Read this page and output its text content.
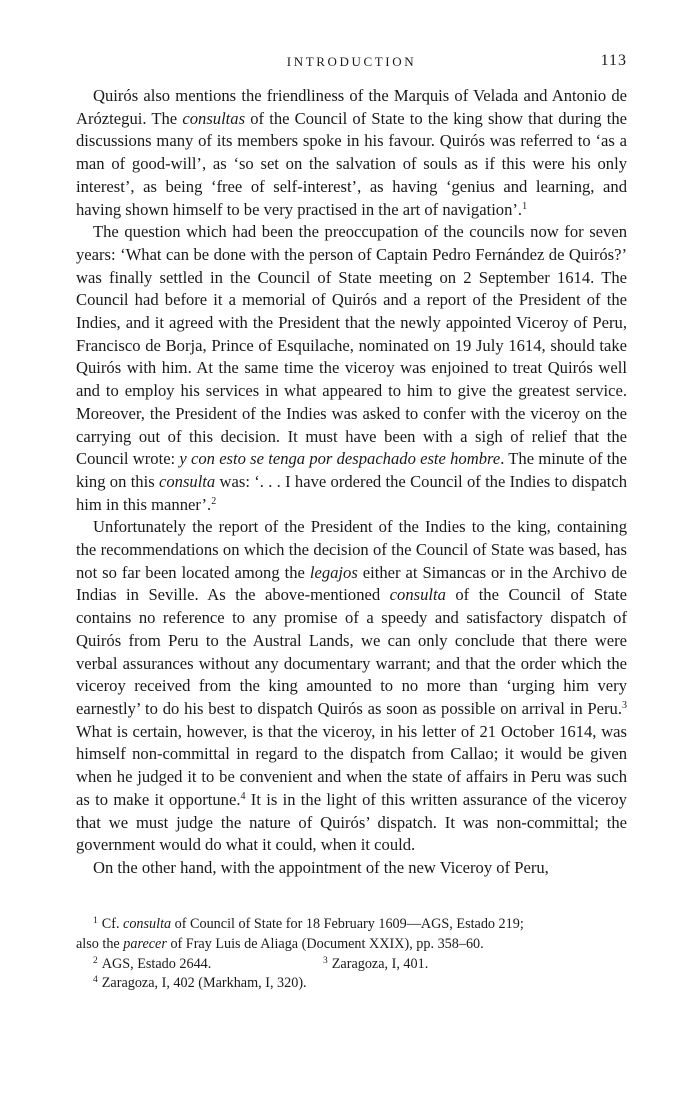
INTRODUCTION	113

Quirós also mentions the friendliness of the Marquis of Velada and Antonio de Aróztegui. The consultas of the Council of State to the king show that during the discussions many of its members spoke in his favour. Quirós was referred to ‘as a man of good-will’, as ‘so set on the salvation of souls as if this were his only interest’, as being ‘free of self-interest’, as having ‘genius and learning, and having shown himself to be very practised in the art of navigation’.$^1$

The question which had been the preoccupation of the councils now for seven years: ‘What can be done with the person of Captain Pedro Fernández de Quirós?’ was finally settled in the Council of State meeting on 2 September 1614. The Council had before it a memorial of Quirós and a report of the President of the Indies, and it agreed with the President that the newly appointed Viceroy of Peru, Francisco de Borja, Prince of Esquilache, nominated on 19 July 1614, should take Quirós with him. At the same time the viceroy was enjoined to treat Quirós well and to employ his services in what appeared to him to give the greatest service. Moreover, the President of the Indies was asked to confer with the viceroy on the carrying out of this decision. It must have been with a sigh of relief that the Council wrote: y con esto se tenga por despachado este hombre. The minute of the king on this consulta was: ‘. . . I have ordered the Council of the Indies to dispatch him in this manner’.$^2$

Unfortunately the report of the President of the Indies to the king, containing the recommendations on which the decision of the Council of State was based, has not so far been located among the legajos either at Simancas or in the Archivo de Indias in Seville. As the above-mentioned consulta of the Council of State contains no reference to any promise of a speedy and satisfactory dispatch of Quirós from Peru to the Austral Lands, we can only conclude that there were verbal assurances without any documentary warrant; and that the order which the viceroy received from the king amounted to no more than ‘urging him very earnestly’ to do his best to dispatch Quirós as soon as possible on arrival in Peru.$^3$ What is certain, however, is that the viceroy, in his letter of 21 October 1614, was himself non-committal in regard to the dispatch from Callao; it would be given when he judged it to be convenient and when the state of affairs in Peru was such as to make it opportune.$^4$ It is in the light of this written assurance of the viceroy that we must judge the nature of Quirós’ dispatch. It was non-committal; the government would do what it could, when it could.

On the other hand, with the appointment of the new Viceroy of Peru,

$^1$ Cf. consulta of Council of State for 18 February 1609—AGS, Estado 219;
also the parecer of Fray Luis de Aliaga (Document XXIX), pp. 358–60.
$^2$ AGS, Estado 2644.	$^3$ Zaragoza, I, 401.
$^4$ Zaragoza, I, 402 (Markham, I, 320).
